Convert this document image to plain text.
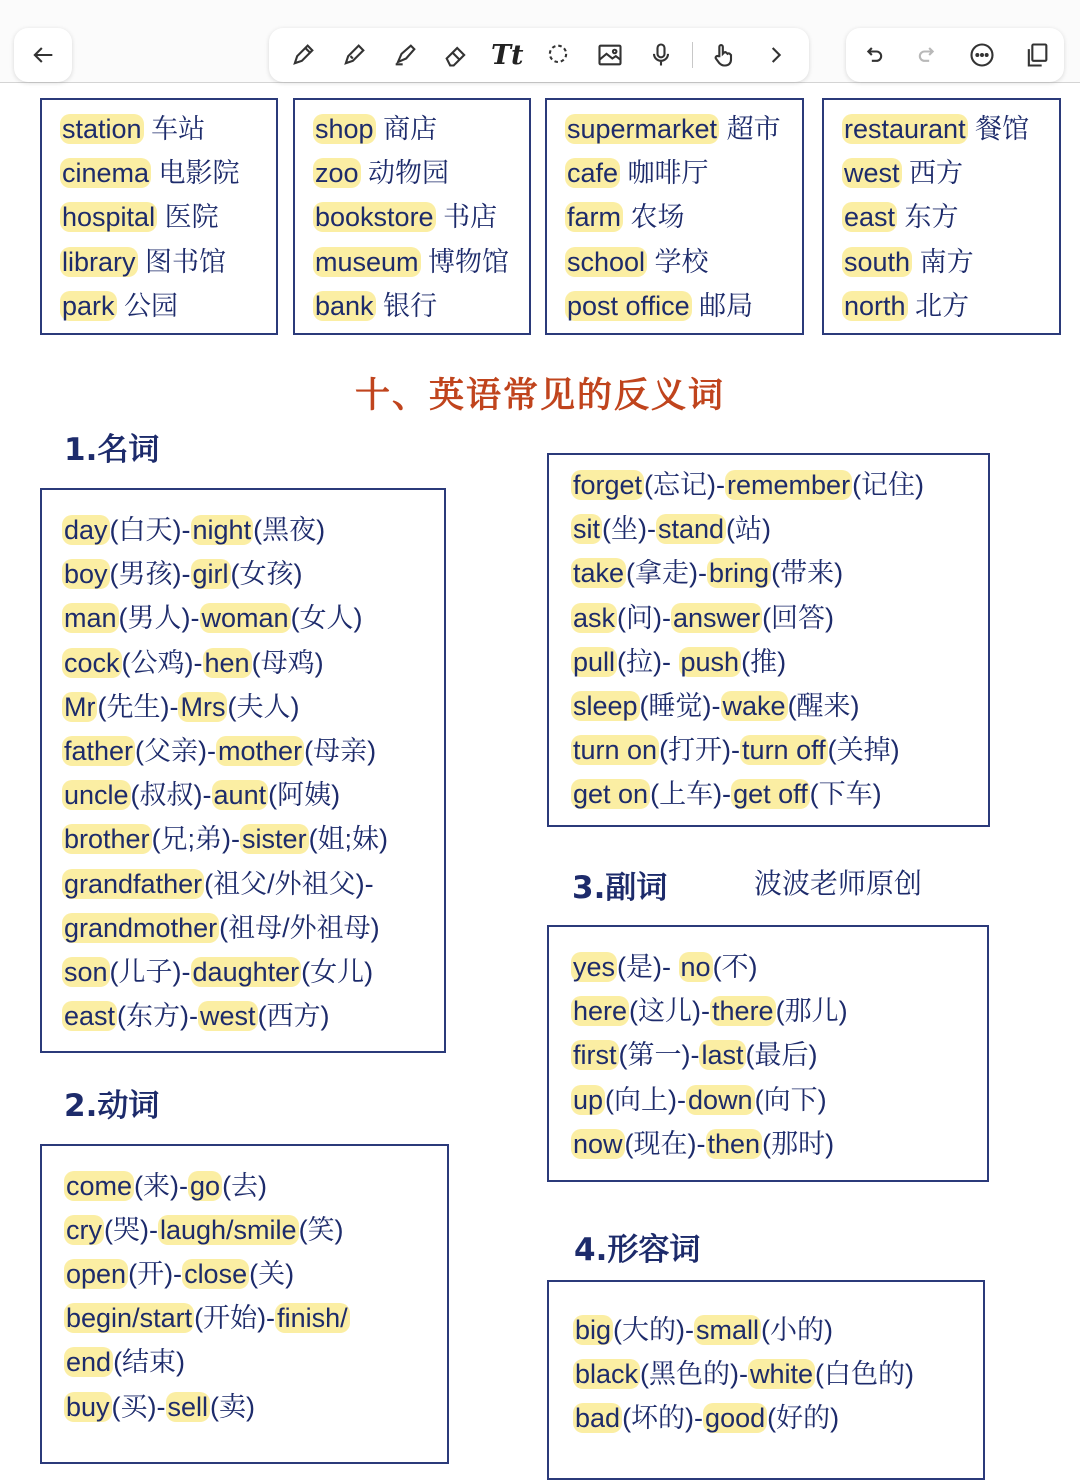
Tt
station 车站
cinema 电影院
hospital 医院
library 图书馆
park 公园
shop 商店
zoo 动物园
bookstore 书店
museum 博物馆
bank 银行
supermarket 超市
cafe 咖啡厅
farm 农场
school 学校
post office 邮局
restaurant 餐馆
west 西方
east 东方
south 南方
north 北方
十、英语常见的反义词
1.名词
2.动词
3.副词
4.形容词
波波老师原创
day(白天)-night(黑夜)
boy(男孩)-girl(女孩)
man(男人)-woman(女人)
cock(公鸡)-hen(母鸡)
Mr(先生)-Mrs(夫人)
father(父亲)-mother(母亲)
uncle(叔叔)-aunt(阿姨)
brother(兄;弟)-sister(姐;妹)
grandfather(祖父/外祖父)-
grandmother(祖母/外祖母)
son(儿子)-daughter(女儿)
east(东方)-west(西方)
come(来)-go(去)
cry(哭)-laugh/smile(笑)
open(开)-close(关)
begin/start(开始)-finish/
end(结束)
buy(买)-sell(卖)
forget(忘记)-remember(记住)
sit(坐)-stand(站)
take(拿走)-bring(带来)
ask(问)-answer(回答)
pull(拉)- push(推)
sleep(睡觉)-wake(醒来)
turn on(打开)-turn off(关掉)
get on(上车)-get off(下车)
yes(是)- no(不)
here(这儿)-there(那儿)
first(第一)-last(最后)
up(向上)-down(向下)
now(现在)-then(那时)
big(大的)-small(小的)
black(黑色的)-white(白色的)
bad(坏的)-good(好的)
